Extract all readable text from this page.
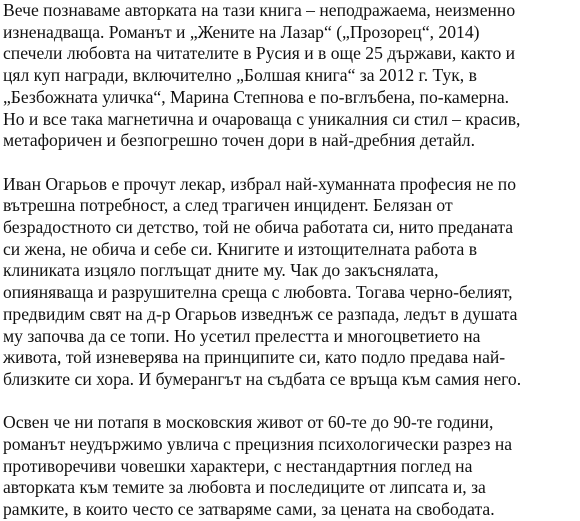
Вече познаваме авторката на тази книга – неподражаема, неизменно
изненадваща. Романът и „Жените на Лазар“ („Прозорец“, 2014)
спечели любовта на читателите в Русия и в още 25 държави, както и
цял куп награди, включително „Болшая книга“ за 2012 г. Тук, в
„Безбожната уличка“, Марина Степнова е по-вглъбена, по-камерна.
Но и все така магнетична и очароваща с уникалния си стил – красив,
метафоричен и безпогрешно точен дори в най-дребния детайл.

Иван Огарьов е прочут лекар, избрал най-хуманната професия не по
вътрешна потребност, а след трагичен инцидент. Белязан от
безрадостното си детство, той не обича работата си, нито преданата
си жена, не обича и себе си. Книгите и изтощителната работа в
клиниката изцяло поглъщат дните му. Чак до закъснялата,
опияняваща и разрушителна среща с любовта. Тогава черно-белият,
предвидим свят на д-р Огарьов изведнъж се разпада, ледът в душата
му започва да се топи. Но усетил прелестта и многоцветието на
живота, той изневерява на принципите си, като подло предава най-
близките си хора. И бумерангът на съдбата се връща към самия него.

Освен че ни потапя в московския живот от 60-те до 90-те години,
романът неудържимо увлича с прецизния психологически разрез на
противоречиви човешки характери, с нестандартния поглед на
авторката към темите за любовта и последиците от липсата и, за
рамките, в които често се затваряме сами, за цената на свободата.
